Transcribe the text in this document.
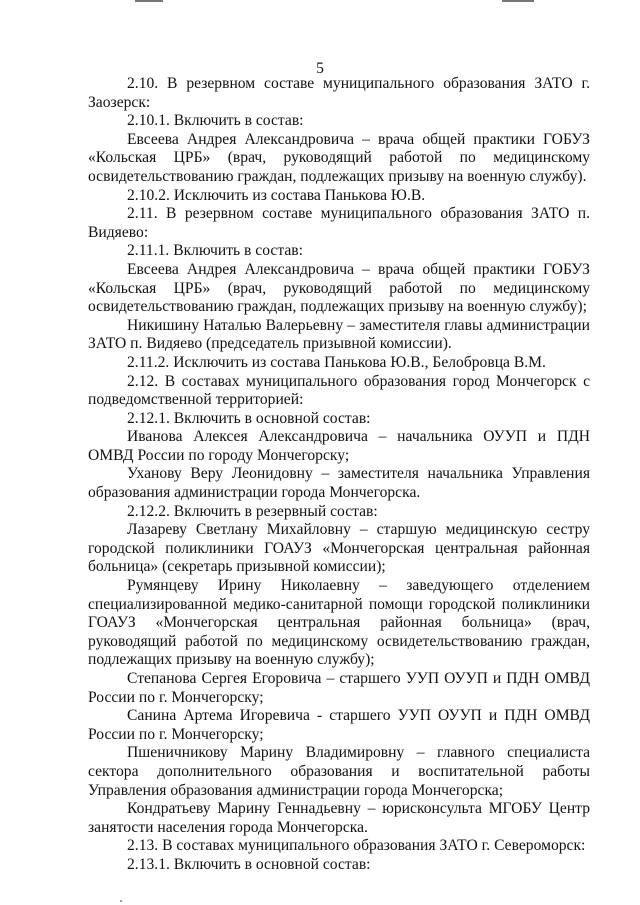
5

2.10. В резервном составе муниципального образования ЗАТО г. Заозерск:

2.10.1. Включить в состав:

Евсеева Андрея Александровича – врача общей практики ГОБУЗ «Кольская ЦРБ» (врач, руководящий работой по медицинскому освидетельствованию граждан, подлежащих призыву на военную службу).

2.10.2. Исключить из состава Панькова Ю.В.

2.11. В резервном составе муниципального образования ЗАТО п. Видяево:

2.11.1. Включить в состав:

Евсеева Андрея Александровича – врача общей практики ГОБУЗ «Кольская ЦРБ» (врач, руководящий работой по медицинскому освидетельствованию граждан, подлежащих призыву на военную службу);

Никишину Наталью Валерьевну – заместителя главы администрации ЗАТО п. Видяево (председатель призывной комиссии).

2.11.2. Исключить из состава Панькова Ю.В., Белобровца В.М.

2.12. В составах муниципального образования город Мончегорск с подведомственной территорией:

2.12.1. Включить в основной состав:

Иванова Алексея Александровича – начальника ОУУП и ПДН ОМВД России по городу Мончегорску;

Уханову Веру Леонидовну – заместителя начальника Управления образования администрации города Мончегорска.

2.12.2. Включить в резервный состав:

Лазареву Светлану Михайловну – старшую медицинскую сестру городской поликлиники ГОАУЗ «Мончегорская центральная районная больница» (секретарь призывной комиссии);

Румянцеву Ирину Николаевну – заведующего отделением специализированной медико-санитарной помощи городской поликлиники ГОАУЗ «Мончегорская центральная районная больница» (врач, руководящий работой по медицинскому освидетельствованию граждан, подлежащих призыву на военную службу);

Степанова Сергея Егоровича – старшего УУП ОУУП и ПДН ОМВД России по г. Мончегорску;

Санина Артема Игоревича - старшего УУП ОУУП и ПДН ОМВД России по г. Мончегорску;

Пшеничникову Марину Владимировну – главного специалиста сектора дополнительного образования и воспитательной работы Управления образования администрации города Мончегорска;

Кондратьеву Марину Геннадьевну – юрисконсульта МГОБУ Центр занятости населения города Мончегорска.

2.13. В составах муниципального образования ЗАТО г. Североморск:

2.13.1. Включить в основной состав:
